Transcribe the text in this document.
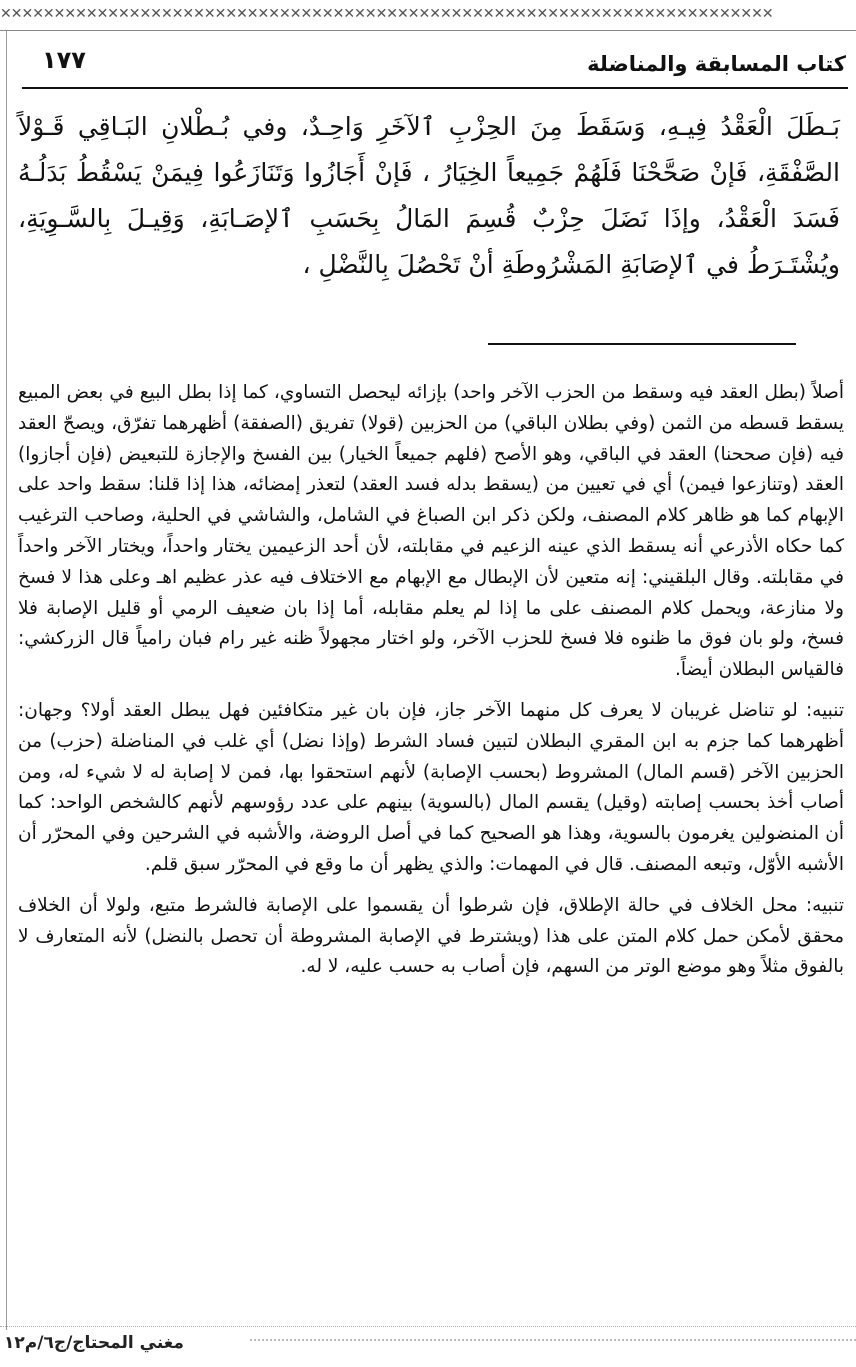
✕✕✕✕✕✕✕✕✕✕✕✕✕✕✕✕✕✕✕✕✕✕✕✕✕✕✕✕✕✕✕✕✕✕✕✕✕✕✕✕✕✕✕✕✕✕✕✕✕✕✕✕✕✕✕✕✕✕✕✕✕✕✕✕✕✕✕✕✕✕✕✕
كتاب المسابقة والمناضلة
١٧٧

بَـطَلَ الْعَقْدُ فِيـهِ، وَسَقَطَ مِنَ الحِزْبِ ٱلآخَرِ وَاحِـدٌ، وفي بُـطْلانِ البَـاقِي قَـوْلاً الصَّفْقَةِ، فَإنْ صَحَّحْنَا فَلَهُمْ جَمِيعاً الخِيَارُ ، فَإنْ أَجَازُوا وَتَنَازَعُوا فِيمَنْ يَسْقُطُ بَدَلُـهُ فَسَدَ الْعَقْدُ، وإذَا نَضَلَ حِزْبٌ قُسِمَ المَالُ بِحَسَبِ ٱلإصَـابَةِ، وَقِيـلَ بِالسَّـوِيَةِ، ويُشْتَـرَطُ في ٱلإصَابَةِ المَشْرُوطَةِ أنْ تَحْصُلَ بِالنَّضْلِ ،

أصلاً (بطل العقد فيه وسقط من الحزب الآخر واحد) بإزائه ليحصل التساوي، كما إذا بطل البيع في بعض المبيع يسقط قسطه من الثمن (وفي بطلان الباقي) من الحزبين (قولا) تفريق (الصفقة) أظهرهما تفرّق، ويصحّ العقد فيه (فإن صححنا) العقد في الباقي، وهو الأصح (فلهم جميعاً الخيار) بين الفسخ والإجازة للتبعيض (فإن أجازوا) العقد (وتنازعوا فيمن) أي في تعيين من (يسقط بدله فسد العقد) لتعذر إمضائه، هذا إذا قلنا: سقط واحد على الإبهام كما هو ظاهر كلام المصنف، ولكن ذكر ابن الصباغ في الشامل، والشاشي في الحلية، وصاحب الترغيب كما حكاه الأذرعي أنه يسقط الذي عينه الزعيم في مقابلته، لأن أحد الزعيمين يختار واحداً، ويختار الآخر واحداً في مقابلته. وقال البلقيني: إنه متعين لأن الإبطال مع الإبهام مع الاختلاف فيه عذر عظيم اهـ وعلى هذا لا فسخ ولا منازعة، ويحمل كلام المصنف على ما إذا لم يعلم مقابله، أما إذا بان ضعيف الرمي أو قليل الإصابة فلا فسخ، ولو بان فوق ما ظنوه فلا فسخ للحزب الآخر، ولو اختار مجهولاً ظنه غير رام فبان رامياً قال الزركشي: فالقياس البطلان أيضاً.

تنبيه: لو تناضل غريبان لا يعرف كل منهما الآخر جاز، فإن بان غير متكافئين فهل يبطل العقد أولا؟ وجهان: أظهرهما كما جزم به ابن المقري البطلان لتبين فساد الشرط (وإذا نضل) أي غلب في المناضلة (حزب) من الحزبين الآخر (قسم المال) المشروط (بحسب الإصابة) لأنهم استحقوا بها، فمن لا إصابة له لا شيء له، ومن أصاب أخذ بحسب إصابته (وقيل) يقسم المال (بالسوية) بينهم على عدد رؤوسهم لأنهم كالشخص الواحد: كما أن المنضولين يغرمون بالسوية، وهذا هو الصحيح كما في أصل الروضة، والأشبه في الشرحين وفي المحرّر أن الأشبه الأوّل، وتبعه المصنف. قال في المهمات: والذي يظهر أن ما وقع في المحرّر سبق قلم.

تنبيه: محل الخلاف في حالة الإطلاق، فإن شرطوا أن يقسموا على الإصابة فالشرط متبع، ولولا أن الخلاف محقق لأمكن حمل كلام المتن على هذا (ويشترط في الإصابة المشروطة أن تحصل بالنضل) لأنه المتعارف لا بالفوق مثلاً وهو موضع الوتر من السهم، فإن أصاب به حسب عليه، لا له.

مغني المحتاج/ج٦/م١٢
